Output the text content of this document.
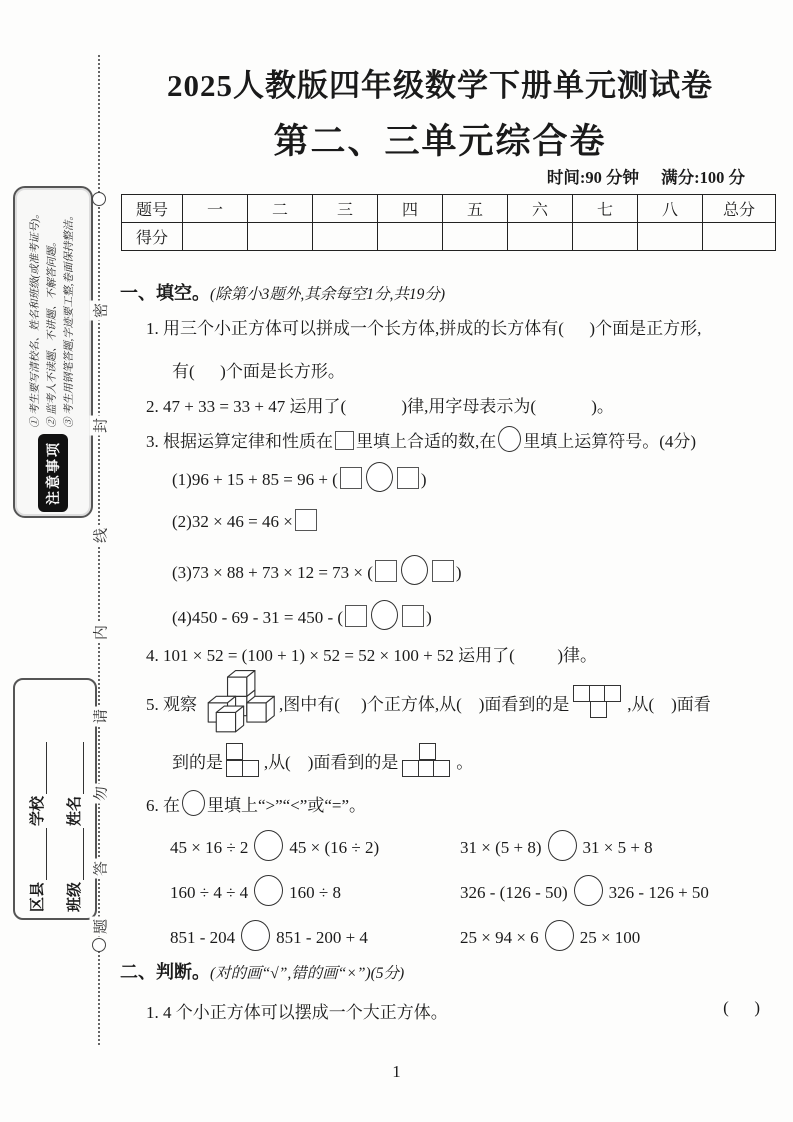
密
封
线
内
请
勿
答
题
注意事项
① 考生要写清校名、姓名和班级(或准考证号)。 ② 监考人不读题、不讲题、不解答问题。 ③ 考生用钢笔答题,字迹要工整,卷面保持整洁。
区县
学校
班级
姓名
2025人教版四年级数学下册单元测试卷
第二、三单元综合卷
时间:90 分钟 满分:100 分
题号	一	二	三	四	五	六	七	八	总分
得分									
一、填空。(除第小3题外,其余每空1分,共19分)
1. 用三个小正方体可以拼成一个长方体,拼成的长方体有(      )个面是正方形,
有(      )个面是长方形。
2. 47 + 33 = 33 + 47 运用了(             )律,用字母表示为(             )。
3. 根据运算定律和性质在 里填上合适的数,在 里填上运算符号。(4分)
(1)96 + 15 + 85 = 96 + (	)
(2)32 × 46 = 46 ×
(3)73 × 88 + 73 × 12 = 73 × (	)
(4)450 - 69 - 31 = 450 - (	)
4. 101 × 52 = (100 + 1) × 52 = 52 × 100 + 52 运用了(          )律。
5. 观察	,图中有(     )个正方体,从(    )面看到的是	,从(    )面看
到的是 ,从(    )面看到的是	。
6. 在 里填上“>”“<”或“=”。
45 × 16 ÷ 2 45 × (16 ÷ 2)	31 × (5 + 8) 31 × 5 + 8
160 ÷ 4 ÷ 4 160 ÷ 8	326 - (126 - 50) 326 - 126 + 50
851 - 204 851 - 200 + 4	25 × 94 × 6 25 × 100
二、判断。(对的画“√”,错的画“×”)(5分)
1. 4 个小正方体可以摆成一个大正方体。	(      )
1
